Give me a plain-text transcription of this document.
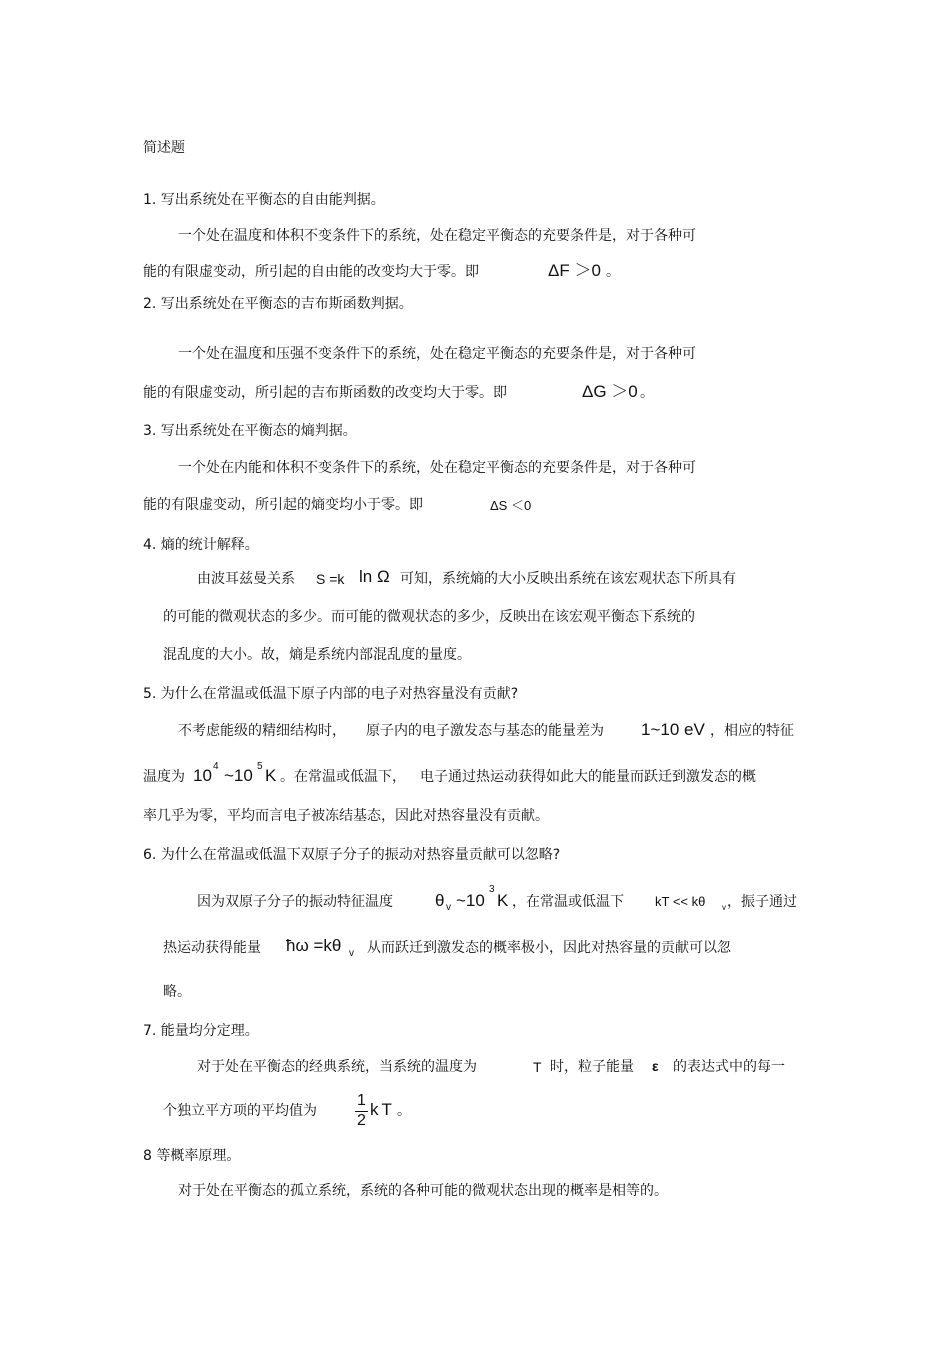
简述题
1. 写出系统处在平衡态的自由能判据。
一个处在温度和体积不变条件下的系统，处在稳定平衡态的充要条件是，对于各种可
能的有限虚变动，所引起的自由能的改变均大于零。即	ΔF ＞0 。
2. 写出系统处在平衡态的吉布斯函数判据。
一个处在温度和压强不变条件下的系统，处在稳定平衡态的充要条件是，对于各种可
能的有限虚变动，所引起的吉布斯函数的改变均大于零。即	ΔG ＞0 。
3. 写出系统处在平衡态的熵判据。
一个处在内能和体积不变条件下的系统，处在稳定平衡态的充要条件是，对于各种可
能的有限虚变动，所引起的熵变均小于零。即	ΔS ＜0
4. 熵的统计解释。
由波耳兹曼关系 S =k ln Ω 可知，系统熵的大小反映出系统在该宏观状态下所具有
的可能的微观状态的多少。而可能的微观状态的多少，反映出在该宏观平衡态下系统的
混乱度的大小。故，熵是系统内部混乱度的量度。
5. 为什么在常温或低温下原子内部的电子对热容量没有贡献?
不考虑能级的精细结构时， 原子内的电子激发态与基态的能量差为 1~10 eV ，相应的特征
温度为 10 4 ~10 5 K 。在常温或低温下， 电子通过热运动获得如此大的能量而跃迁到激发态的概
率几乎为零，平均而言电子被冻结基态，因此对热容量没有贡献。
6. 为什么在常温或低温下双原子分子的振动对热容量贡献可以忽略?
因为双原子分子的振动特征温度 θ v ~10
3
K ，在常温或低温下 kT << kθ v ，振子通过
热运动获得能量 ħω =kθ v 从而跃迁到激发态的概率极小，因此对热容量的贡献可以忽
略。
7. 能量均分定理。
对于处在平衡态的经典系统，当系统的温度为	T 时，粒子能量 ε 的表达式中的每一
个独立平方项的平均值为
1
2
kT 。
8 等概率原理。
对于处在平衡态的孤立系统，系统的各种可能的微观状态出现的概率是相等的。
